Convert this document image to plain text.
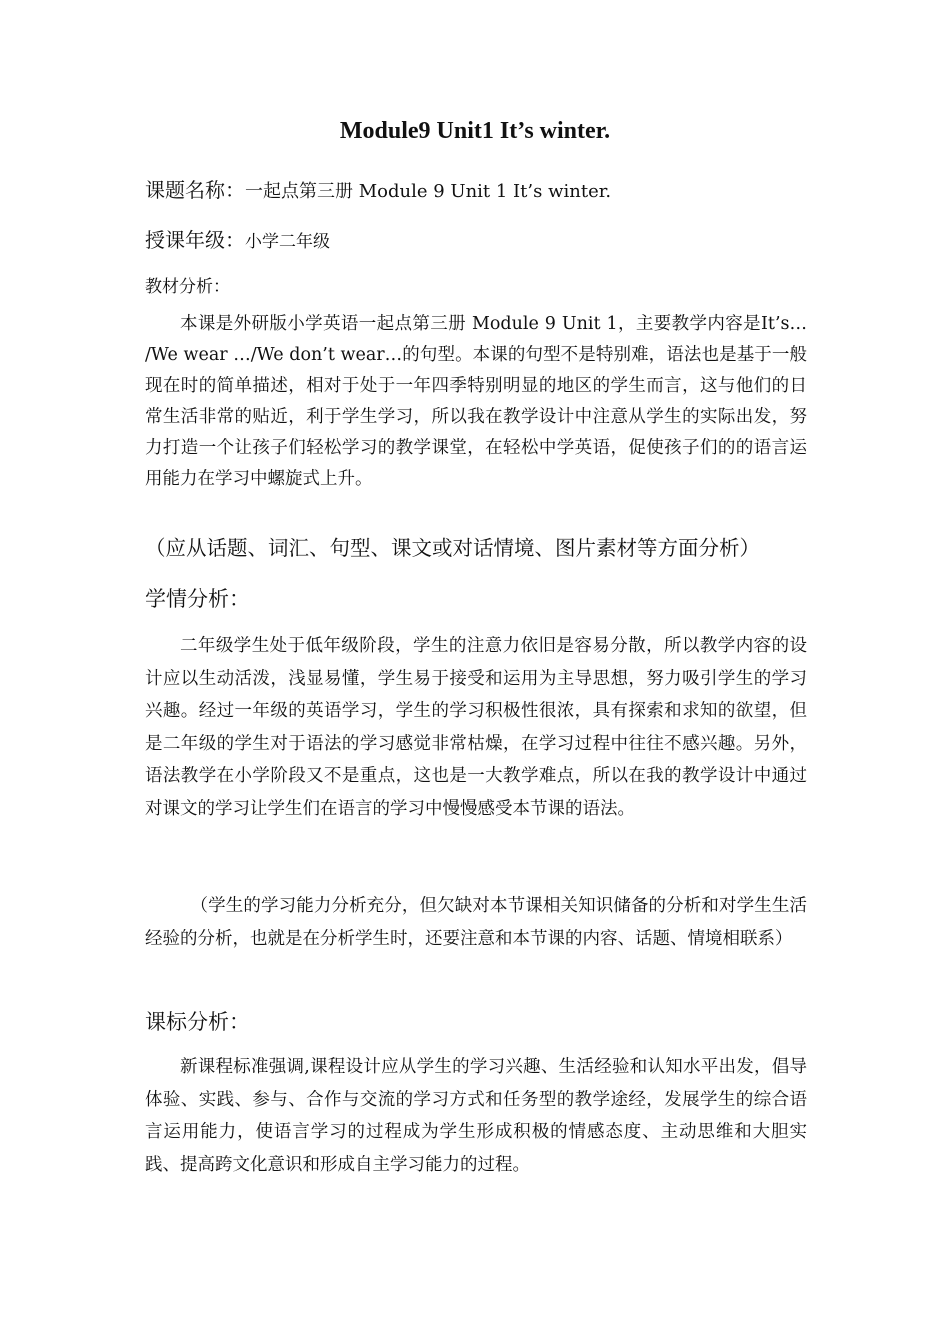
Module9 Unit1 It’s winter.
课题名称：一起点第三册 Module 9 Unit 1 It’s winter.
授课年级：小学二年级
教材分析：

本课是外研版小学英语一起点第三册 Module 9 Unit 1，主要教学内容是It’s… /We wear …/We don’t wear…的句型。本课的句型不是特别难，语法也是基于一般现在时的简单描述，相对于处于一年四季特别明显的地区的学生而言，这与他们的日常生活非常的贴近，利于学生学习，所以我在教学设计中注意从学生的实际出发，努力打造一个让孩子们轻松学习的教学课堂，在轻松中学英语，促使孩子们的的语言运用能力在学习中螺旋式上升。

（应从话题、词汇、句型、课文或对话情境、图片素材等方面分析）
学情分析：

二年级学生处于低年级阶段，学生的注意力依旧是容易分散，所以教学内容的设计应以生动活泼，浅显易懂，学生易于接受和运用为主导思想，努力吸引学生的学习兴趣。经过一年级的英语学习，学生的学习积极性很浓，具有探索和求知的欲望，但是二年级的学生对于语法的学习感觉非常枯燥，在学习过程中往往不感兴趣。另外，语法教学在小学阶段又不是重点，这也是一大教学难点，所以在我的教学设计中通过对课文的学习让学生们在语言的学习中慢慢感受本节课的语法。

（学生的学习能力分析充分，但欠缺对本节课相关知识储备的分析和对学生生活经验的分析，也就是在分析学生时，还要注意和本节课的内容、话题、情境相联系）

课标分析：

新课程标准强调,课程设计应从学生的学习兴趣、生活经验和认知水平出发，倡导体验、实践、参与、合作与交流的学习方式和任务型的教学途经，发展学生的综合语言运用能力，使语言学习的过程成为学生形成积极的情感态度、主动思维和大胆实践、提高跨文化意识和形成自主学习能力的过程。
